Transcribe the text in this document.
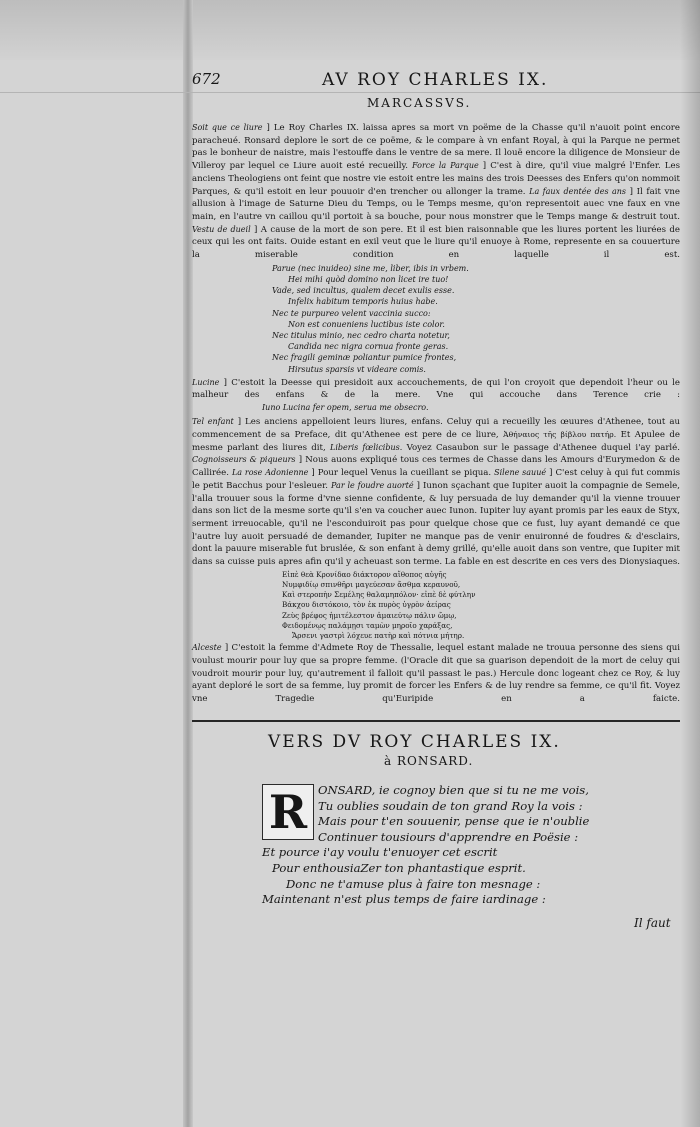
672	AV ROY CHARLES IX.
MARCASSVS.

Soit que ce liure ] Le Roy Charles IX. laissa apres sa mort vn poëme de la Chasse qu'il n'auoit point encore paracheué. Ronsard deplore le sort de ce poëme, & le compare à vn enfant Royal, à qui la Parque ne permet pas le bonheur de naistre, mais l'estouffe dans le ventre de sa mere. Il louë encore la diligence de Monsieur de Villeroy par lequel ce Liure auoit esté recueilly. Force la Parque ] C'est à dire, qu'il viue malgré l'Enfer. Les anciens Theologiens ont feint que nostre vie estoit entre les mains des trois Deesses des Enfers qu'on nommoit Parques, & qu'il estoit en leur pouuoir d'en trencher ou allonger la trame. La faux dentée des ans ] Il fait vne allusion à l'image de Saturne Dieu du Temps, ou le Temps mesme, qu'on representoit auec vne faux en vne main, en l'autre vn caillou qu'il portoit à sa bouche, pour nous monstrer que le Temps mange & destruit tout. Vestu de dueil ] A cause de la mort de son pere. Et il est bien raisonnable que les liures portent les liurées de ceux qui les ont faits. Ouide estant en exil veut que le liure qu'il enuoye à Rome, represente en sa couuerture la miserable condition en laquelle il est.

Parue (nec inuideo) sine me, liber, ibis in vrbem.
Hei mihi quòd domino non licet ire tuo!
Vade, sed incultus, qualem decet exulis esse.
Infelix habitum temporis huius habe.
Nec te purpureo velent vaccinia succo:
Non est conueniens luctibus iste color.
Nec titulus minio, nec cedro charta notetur,
Candida nec nigra cornua fronte geras.
Nec fragili geminæ poliantur pumice frontes,
Hirsutus sparsis vt videare comis.

Lucine ] C'estoit la Deesse qui presidoit aux accouchements, de qui l'on croyoit que dependoit l'heur ou le malheur des enfans & de la mere. Vne qui accouche dans Terence crie :

Iuno Lucina fer opem, serua me obsecro.

Tel enfant ] Les anciens appelloient leurs liures, enfans. Celuy qui a recueilly les œuures d'Athenee, tout au commencement de sa Preface, dit qu'Athenee est pere de ce liure, Ἀθήναιος τῆς βίβλου πατήρ. Et Apulee de mesme parlant des liures dit, Liberis fœlicibus. Voyez Casaubon sur le passage d'Athenee duquel i'ay parlé. Cognoisseurs & piqueurs ] Nous auons expliqué tous ces termes de Chasse dans les Amours d'Eurymedon & de Callirée. La rose Adonienne ] Pour lequel Venus la cueillant se piqua. Silene sauué ] C'est celuy à qui fut commis le petit Bacchus pour l'esleuer. Par le foudre auorté ] Iunon sçachant que Iupiter auoit la compagnie de Semele, l'alla trouuer sous la forme d'vne sienne confidente, & luy persuada de luy demander qu'il la vienne trouuer dans son lict de la mesme sorte qu'il s'en va coucher auec Iunon. Iupiter luy ayant promis par les eaux de Styx, serment irreuocable, qu'il ne l'esconduiroit pas pour quelque chose que ce fust, luy ayant demandé ce que l'autre luy auoit persuadé de demander, Iupiter ne manque pas de venir enuironné de foudres & d'esclairs, dont la pauure miserable fut bruslée, & son enfant à demy grillé, qu'elle auoit dans son ventre, que Iupiter mit dans sa cuisse puis apres afin qu'il y acheuast son terme. La fable en est descrite en ces vers des Dionysiaques.

Εἰπὲ θεὰ Κρονίδαο διάκτορον αἴθοπος αὐγῆς
Νυμφιδίῳ σπινθῆρι μαγεύεσαν ἄσθμα κεραυνοῦ,
Καὶ στεροπὴν Σεμέλης θαλαμηπόλον· εἰπὲ δὲ φύτλην
Βάκχου διστόκοιο, τὸν ἐκ πυρὸς ὑγρὸν ἀείρας
Ζεὺς βρέφος ἡμιτέλεστον ἀμαιεύτῳ πάλιν ὤμῳ,
Φειδομένῳς παλάμῃσι ταμὼν μηροῖο χαράξας,
Ἄρσενι γαστρὶ λόχευε πατὴρ καὶ πότνια μήτηρ.

Alceste ] C'estoit la femme d'Admete Roy de Thessalie, lequel estant malade ne trouua personne des siens qui voulust mourir pour luy que sa propre femme. (l'Oracle dit que sa guarison dependoit de la mort de celuy qui voudroit mourir pour luy, qu'autrement il falloit qu'il passast le pas.) Hercule donc logeant chez ce Roy, & luy ayant deploré le sort de sa femme, luy promit de forcer les Enfers & de luy rendre sa femme, ce qu'il fit. Voyez vne Tragedie qu'Euripide en a faicte.

VERS DV ROY CHARLES IX.
à RONSARD.
R ONSARD, ie cognoy bien que si tu ne me vois,
Tu oublies soudain de ton grand Roy la vois :
Mais pour t'en souuenir, pense que ie n'oublie
Continuer tousiours d'apprendre en Poësie :
Et pource i'ay voulu t'enuoyer cet escrit
Pour enthousiaZer ton phantastique esprit.
Donc ne t'amuse plus à faire ton mesnage :
Maintenant n'est plus temps de faire iardinage :
Il faut
